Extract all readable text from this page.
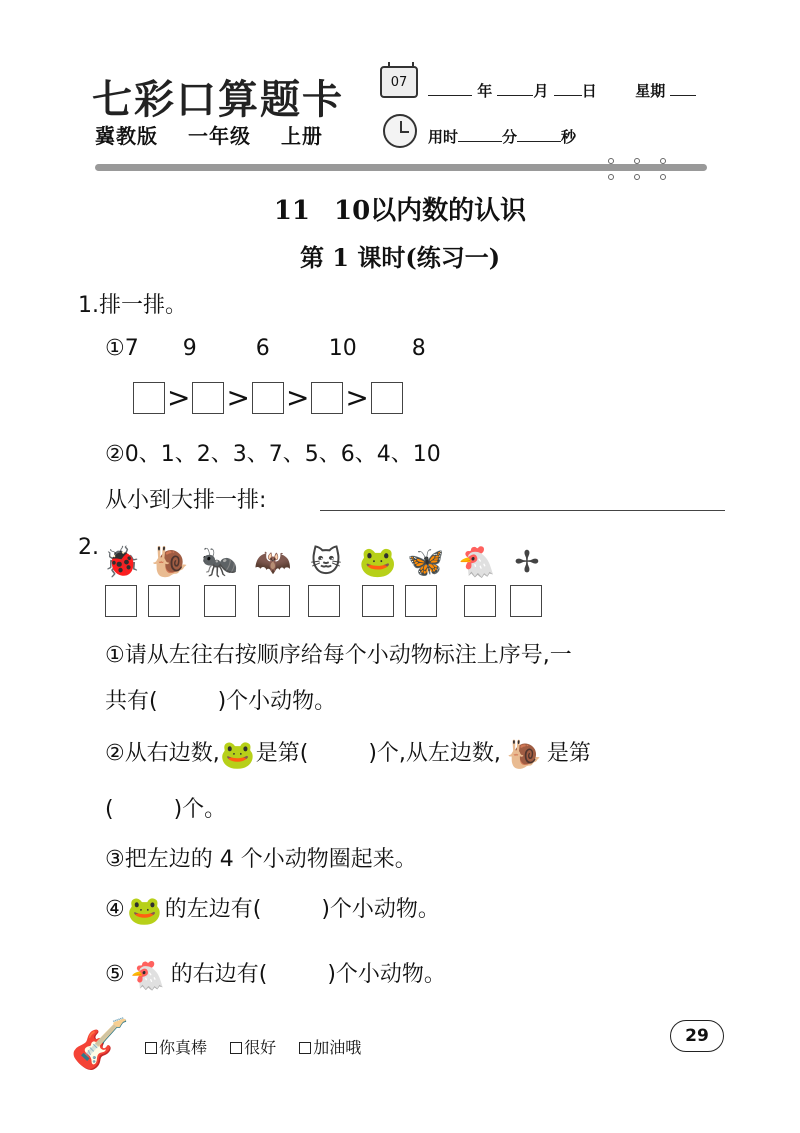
七彩口算题卡
冀教版 一年级 上册
07	年	月 日	星期
用时	分	秒
11 10以内数的认识
第 1 课时(练习一)
1.排一排。
①7 9	6	10	8
> > > >
②0、1、2、3、7、5、6、4、10
从小到大排一排:
2. 🐞 🐌 🐜 🦇 🐱 🐸 🦋 🐔 ✢
①请从左往右按顺序给每个小动物标注上序号,一
共有(	)个小动物。
②从右边数,🐸是第(	)个,从左边数, 🐌 是第
(	)个。
③把左边的 4 个小动物圈起来。
④🐸 的左边有(	)个小动物。
⑤ 🐔 的右边有(	)个小动物。
🎸	你真棒 很好 加油哦
29
